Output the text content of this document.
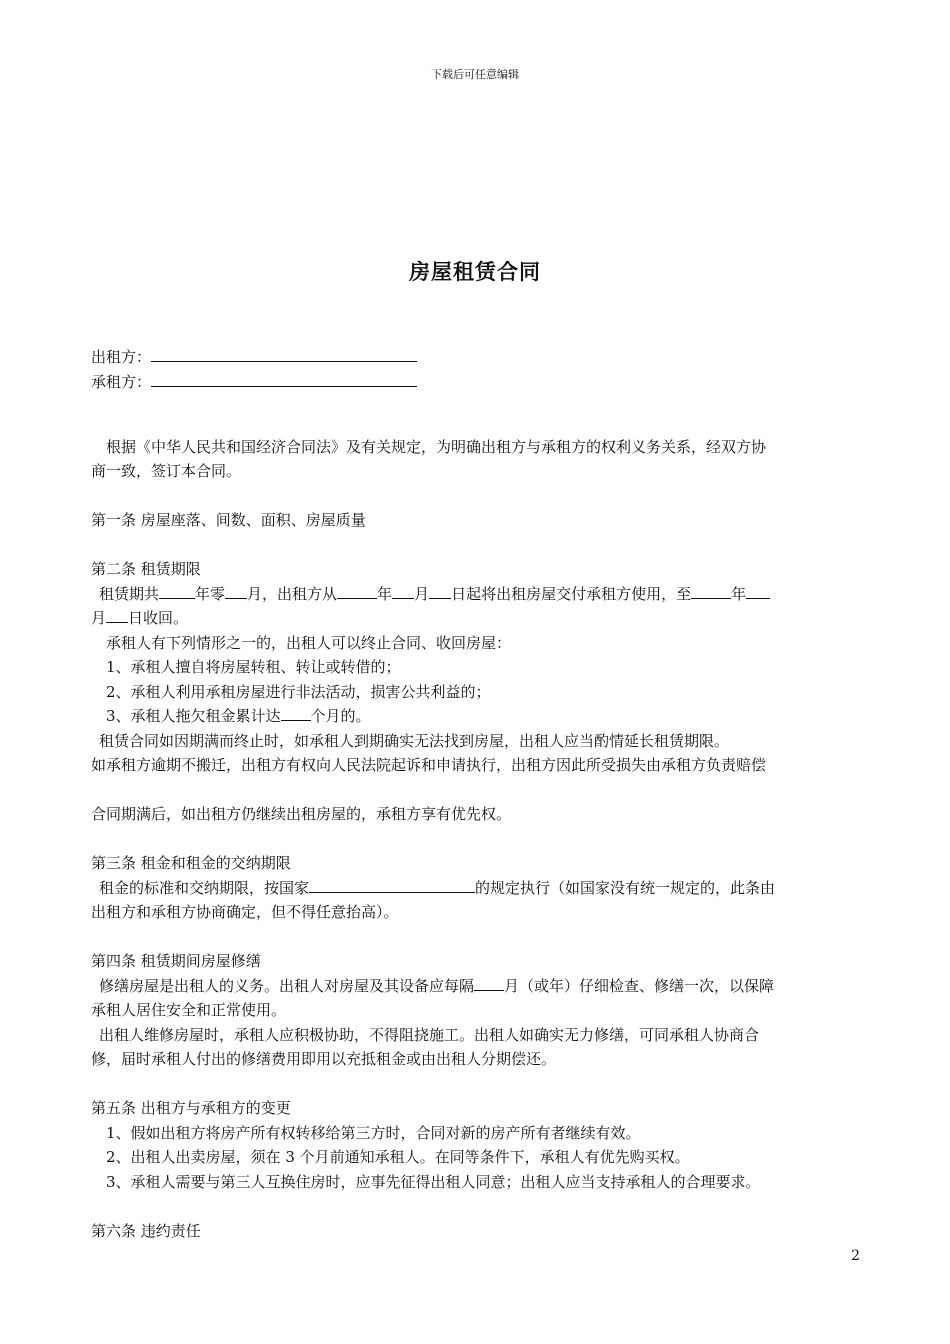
下载后可任意编辑
房屋租赁合同
出租方：
承租方：
根据《中华人民共和国经济合同法》及有关规定，为明确出租方与承租方的权利义务关系，经双方协
商一致，签订本合同。
第一条 房屋座落、间数、面积、房屋质量
第二条 租赁期限
租赁期共 年零 月，出租方从	年 月 日起将出租房屋交付承租方使用，至	年
月 日收回。
承租人有下列情形之一的，出租人可以终止合同、收回房屋：
1、承租人擅自将房屋转租、转让或转借的；
2、承租人利用承租房屋进行非法活动，损害公共利益的；
3、承租人拖欠租金累计达 个月的。
租赁合同如因期满而终止时，如承租人到期确实无法找到房屋，出租人应当酌情延长租赁期限。
如承租方逾期不搬迁，出租方有权向人民法院起诉和申请执行，出租方因此所受损失由承租方负责赔偿
合同期满后，如出租方仍继续出租房屋的，承租方享有优先权。
第三条 租金和租金的交纳期限
租金的标准和交纳期限，按国家	的规定执行（如国家没有统一规定的，此条由
出租方和承租方协商确定，但不得任意抬高）。
第四条 租赁期间房屋修缮
修缮房屋是出租人的义务。出租人对房屋及其设备应每隔 月（或年）仔细检查、修缮一次，以保障
承租人居住安全和正常使用。
出租人维修房屋时，承租人应积极协助，不得阻挠施工。出租人如确实无力修缮，可同承租人协商合
修，届时承租人付出的修缮费用即用以充抵租金或由出租人分期偿还。
第五条 出租方与承租方的变更
1、假如出租方将房产所有权转移给第三方时，合同对新的房产所有者继续有效。
2、出租人出卖房屋，须在 3 个月前通知承租人。在同等条件下，承租人有优先购买权。
3、承租人需要与第三人互换住房时，应事先征得出租人同意；出租人应当支持承租人的合理要求。
第六条 违约责任
2
